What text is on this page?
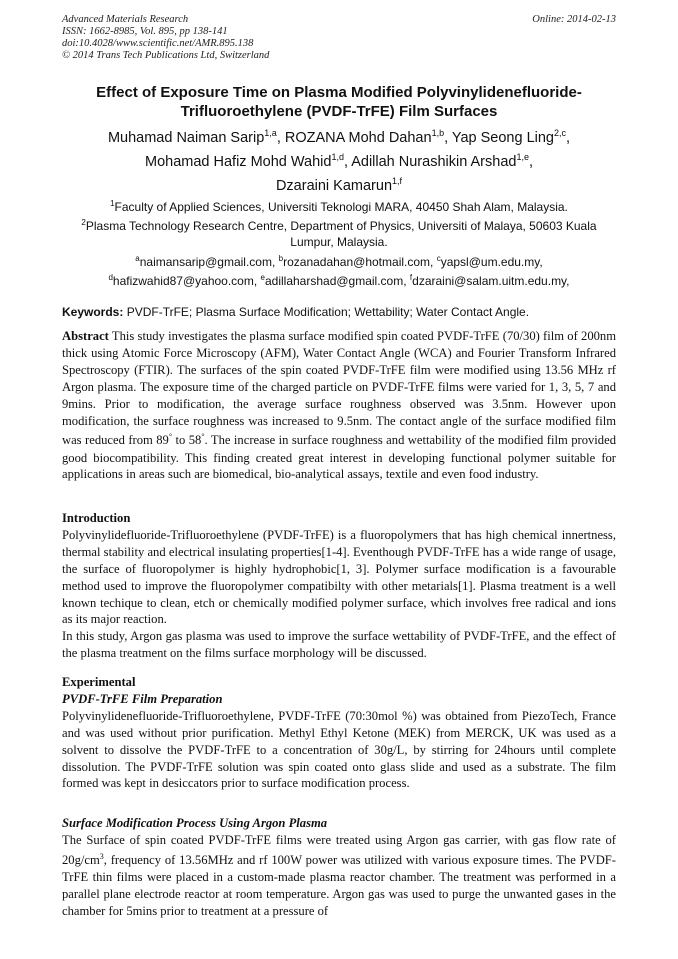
Advanced Materials Research
ISSN: 1662-8985, Vol. 895, pp 138-141
doi:10.4028/www.scientific.net/AMR.895.138
© 2014 Trans Tech Publications Ltd, Switzerland
Online: 2014-02-13
Effect of Exposure Time on Plasma Modified Polyvinylidenefluoride-
Trifluoroethylene (PVDF-TrFE) Film Surfaces
Muhamad Naiman Sarip$^{1,a}$, ROZANA Mohd Dahan$^{1,b}$, Yap Seong Ling$^{2,c}$,
Mohamad Hafiz Mohd Wahid$^{1,d}$, Adillah Nurashikin Arshad$^{1,e}$,
Dzaraini Kamarun$^{1,f}$
$^1$Faculty of Applied Sciences, Universiti Teknologi MARA, 40450 Shah Alam, Malaysia.
$^2$Plasma Technology Research Centre, Department of Physics, Universiti of Malaya, 50603 Kuala Lumpur, Malaysia.
$^a$naimansarip@gmail.com, $^b$rozanadahan@hotmail.com, $^c$yapsl@um.edu.my,
$^d$hafizwahid87@yahoo.com, $^e$adillaharshad@gmail.com, $^f$dzaraini@salam.uitm.edu.my,
Keywords: PVDF-TrFE; Plasma Surface Modification; Wettability; Water Contact Angle.

Abstract This study investigates the plasma surface modified spin coated PVDF-TrFE (70/30) film of 200nm thick using Atomic Force Microscopy (AFM), Water Contact Angle (WCA) and Fourier Transform Infrared Spectroscopy (FTIR). The surfaces of the spin coated PVDF-TrFE film were modified using 13.56 MHz rf Argon plasma. The exposure time of the charged particle on PVDF-TrFE films were varied for 1, 3, 5, 7 and 9mins. Prior to modification, the average surface roughness observed was 3.5nm. However upon modification, the surface roughness was increased to 9.5nm. The contact angle of the surface modified film was reduced from 89° to 58°. The increase in surface roughness and wettability of the modified film provided good biocompatibility. This finding created great interest in developing functional polymer suitable for applications in areas such are biomedical, bio-analytical assays, textile and even food industry.

Introduction

Polyvinylidefluoride-Trifluoroethylene (PVDF-TrFE) is a fluoropolymers that has high chemical innertness, thermal stability and electrical insulating properties[1-4]. Eventhough PVDF-TrFE has a wide range of usage, the surface of fluoropolymer is highly hydrophobic[1, 3]. Polymer surface modification is a favourable method used to improve the fluoropolymer compatibilty with other metarials[1]. Plasma treatment is a well known techique to clean, etch or chemically modified polymer surface, which involves free radical and ions as its major reaction.

In this study, Argon gas plasma was used to improve the surface wettability of PVDF-TrFE, and the effect of the plasma treatment on the films surface morphology will be discussed.

Experimental
PVDF-TrFE Film Preparation

Polyvinylidenefluoride-Trifluoroethylene, PVDF-TrFE (70:30mol %) was obtained from PiezoTech, France and was used without prior purification. Methyl Ethyl Ketone (MEK) from MERCK, UK was used as a solvent to dissolve the PVDF-TrFE to a concentration of 30g/L, by stirring for 24hours until complete dissolution. The PVDF-TrFE solution was spin coated onto glass slide and used as a substrate. The film formed was kept in desiccators prior to surface modification process.

Surface Modification Process Using Argon Plasma

The Surface of spin coated PVDF-TrFE films were treated using Argon gas carrier, with gas flow rate of $20g/cm^3$, frequency of 13.56MHz and rf 100W power was utilized with various exposure times. The PVDF-TrFE thin films were placed in a custom-made plasma reactor chamber. The treatment was performed in a parallel plane electrode reactor at room temperature. Argon gas was used to purge the unwanted gases in the chamber for 5mins prior to treatment at a pressure of
